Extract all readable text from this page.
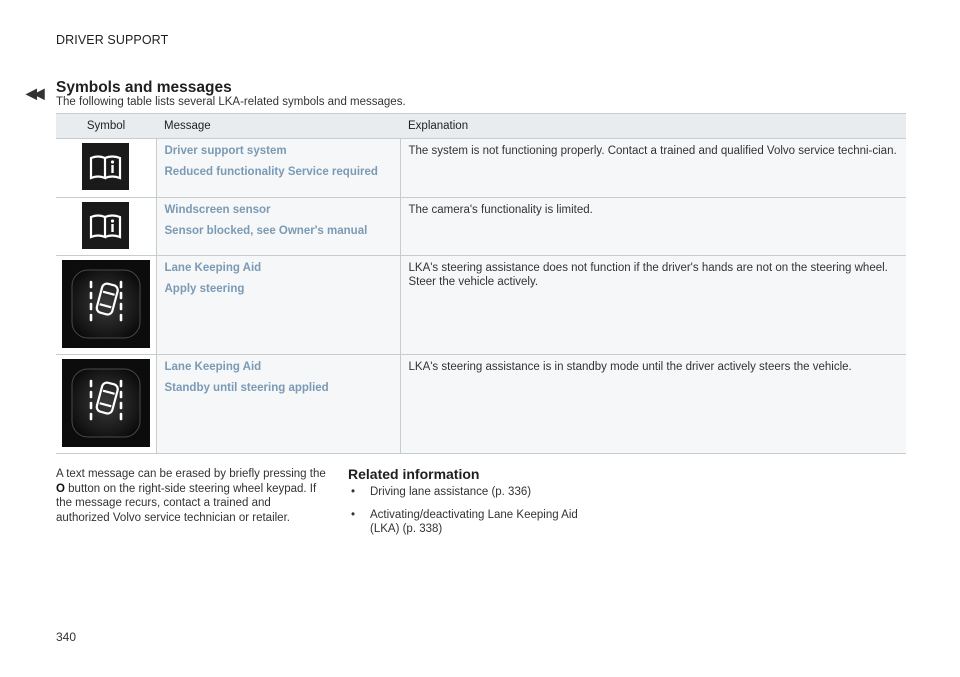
DRIVER SUPPORT
◀◀ Symbols and messages
The following table lists several LKA-related symbols and messages.
Symbol	Message	Explanation

Driver support system
Reduced functionality Service required	The system is not functioning properly. Contact a trained and qualified Volvo service techni-cian.

Windscreen sensor
Sensor blocked, see Owner's manual	The camera's functionality is limited.

Lane Keeping Aid
Apply steering	LKA's steering assistance does not function if the driver's hands are not on the steering wheel. Steer the vehicle actively.

Lane Keeping Aid
Standby until steering applied	LKA's steering assistance is in standby mode until the driver actively steers the vehicle.
A text message can be erased by briefly pressing the O button on the right-side steering wheel keypad. If the message recurs, contact a trained and authorized Volvo service technician or retailer.
Related information
• Driving lane assistance (p. 336)
• Activating/deactivating Lane Keeping Aid (LKA) (p. 338)
340
